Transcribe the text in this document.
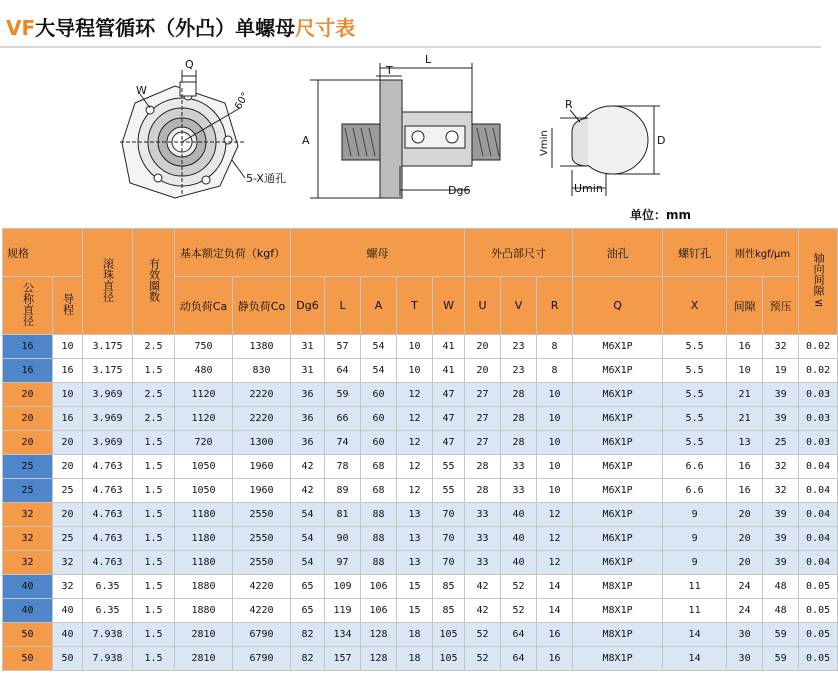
VF大导程管循环（外凸）单螺母尺寸表
Q
W
60°
5-X通孔
L
T
A
Dg6
R
Vmin	D
Umin
单位：mm
规格		滚珠直径	有效圈数	基本额定负荷（kgf）		螺母					外凸部尺寸			油孔	螺钉孔	刚性kgf/μm		轴向间隙≤
公称直径	导程			动负荷Ca	静负荷Co	Dg6	L	A	T	W	U	V	R	Q	X	间隙	预压	
16	10	3.175	2.5	750	1380	31	57	54	10	41	20	23	8	M6X1P	5.5	16	32	0.02
16	16	3.175	1.5	480	830	31	64	54	10	41	20	23	8	M6X1P	5.5	10	19	0.02
20	10	3.969	2.5	1120	2220	36	59	60	12	47	27	28	10	M6X1P	5.5	21	39	0.03
20	16	3.969	2.5	1120	2220	36	66	60	12	47	27	28	10	M6X1P	5.5	21	39	0.03
20	20	3.969	1.5	720	1300	36	74	60	12	47	27	28	10	M6X1P	5.5	13	25	0.03
25	20	4.763	1.5	1050	1960	42	78	68	12	55	28	33	10	M6X1P	6.6	16	32	0.04
25	25	4.763	1.5	1050	1960	42	89	68	12	55	28	33	10	M6X1P	6.6	16	32	0.04
32	20	4.763	1.5	1180	2550	54	81	88	13	70	33	40	12	M6X1P	9	20	39	0.04
32	25	4.763	1.5	1180	2550	54	90	88	13	70	33	40	12	M6X1P	9	20	39	0.04
32	32	4.763	1.5	1180	2550	54	97	88	13	70	33	40	12	M6X1P	9	20	39	0.04
40	32	6.35	1.5	1880	4220	65	109	106	15	85	42	52	14	M8X1P	11	24	48	0.05
40	40	6.35	1.5	1880	4220	65	119	106	15	85	42	52	14	M8X1P	11	24	48	0.05
50	40	7.938	1.5	2810	6790	82	134	128	18	105	52	64	16	M8X1P	14	30	59	0.05
50	50	7.938	1.5	2810	6790	82	157	128	18	105	52	64	16	M8X1P	14	30	59	0.05
